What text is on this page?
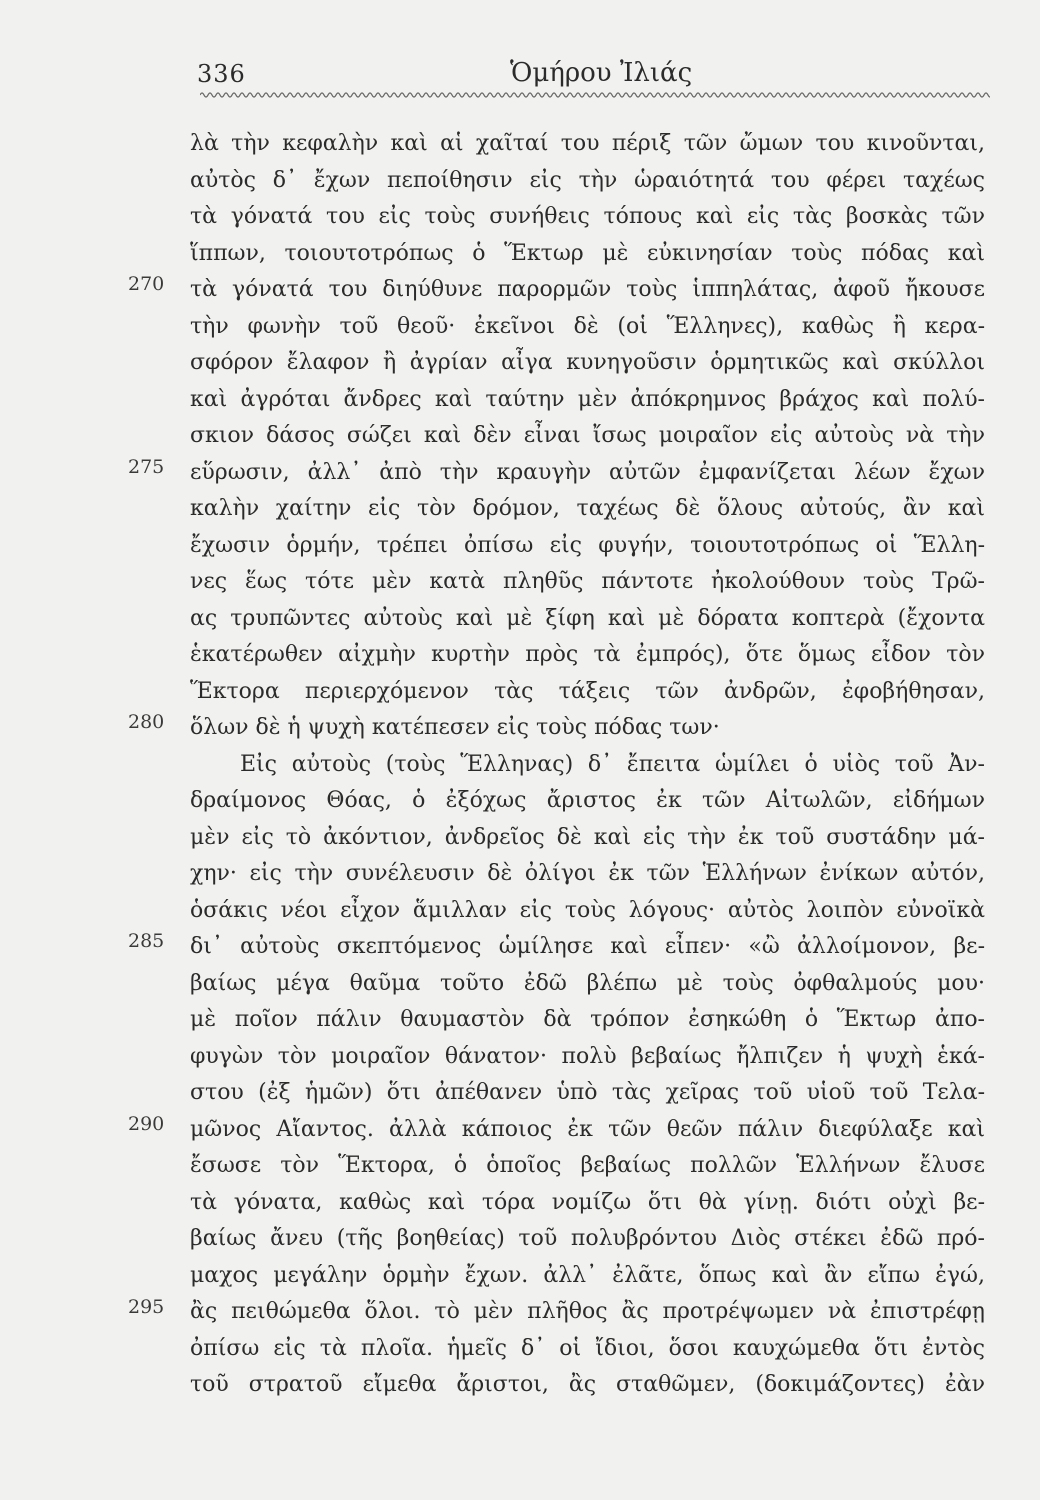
336	Ὁμήρου Ἰλιάς
270
275
280
285
290
295
λὰ τὴν κεφαλὴν καὶ αἱ χαῖταί του πέριξ τῶν ὤμων του κινοῦνται,
αὐτὸς δ᾽ ἔχων πεποίθησιν εἰς τὴν ὡραιότητά του φέρει ταχέως
τὰ γόνατά του εἰς τοὺς συνήθεις τόπους καὶ εἰς τὰς βοσκὰς τῶν
ἵππων, τοιουτοτρόπως ὁ Ἕκτωρ μὲ εὐκινησίαν τοὺς πόδας καὶ
τὰ γόνατά του διηύθυνε παρορμῶν τοὺς ἱππηλάτας, ἀφοῦ ἤκουσε
τὴν φωνὴν τοῦ θεοῦ· ἐκεῖνοι δὲ (οἱ Ἕλληνες), καθὼς ἢ κερα-
σφόρον ἔλαφον ἢ ἀγρίαν αἶγα κυνηγοῦσιν ὁρμητικῶς καὶ σκύλλοι
καὶ ἀγρόται ἄνδρες καὶ ταύτην μὲν ἀπόκρημνος βράχος καὶ πολύ-
σκιον δάσος σώζει καὶ δὲν εἶναι ἴσως μοιραῖον εἰς αὐτοὺς νὰ τὴν
εὕρωσιν, ἀλλ᾽ ἀπὸ τὴν κραυγὴν αὐτῶν ἐμφανίζεται λέων ἔχων
καλὴν χαίτην εἰς τὸν δρόμον, ταχέως δὲ ὅλους αὐτούς, ἂν καὶ
ἔχωσιν ὁρμήν, τρέπει ὀπίσω εἰς φυγήν, τοιουτοτρόπως οἱ Ἕλλη-
νες ἕως τότε μὲν κατὰ πληθῦς πάντοτε ἠκολούθουν τοὺς Τρῶ-
ας τρυπῶντες αὐτοὺς καὶ μὲ ξίφη καὶ μὲ δόρατα κοπτερὰ (ἔχοντα
ἑκατέρωθεν αἰχμὴν κυρτὴν πρὸς τὰ ἐμπρός), ὅτε ὅμως εἶδον τὸν
Ἕκτορα περιερχόμενον τὰς τάξεις τῶν ἀνδρῶν, ἐφοβήθησαν,
ὅλων δὲ ἡ ψυχὴ κατέπεσεν εἰς τοὺς πόδας των·
Εἰς αὐτοὺς (τοὺς Ἕλληνας) δ᾽ ἔπειτα ὡμίλει ὁ υἱὸς τοῦ Ἀν-
δραίμονος Θόας, ὁ ἐξόχως ἄριστος ἐκ τῶν Αἰτωλῶν, εἰδήμων
μὲν εἰς τὸ ἀκόντιον, ἀνδρεῖος δὲ καὶ εἰς τὴν ἐκ τοῦ συστάδην μά-
χην· εἰς τὴν συνέλευσιν δὲ ὀλίγοι ἐκ τῶν Ἑλλήνων ἐνίκων αὐτόν,
ὁσάκις νέοι εἶχον ἅμιλλαν εἰς τοὺς λόγους· αὐτὸς λοιπὸν εὐνοϊκὰ
δι᾽ αὐτοὺς σκεπτόμενος ὡμίλησε καὶ εἶπεν· «ὢ ἀλλοίμονον, βε-
βαίως μέγα θαῦμα τοῦτο ἐδῶ βλέπω μὲ τοὺς ὀφθαλμούς μου·
μὲ ποῖον πάλιν θαυμαστὸν δὰ τρόπον ἐσηκώθη ὁ Ἕκτωρ ἀπο-
φυγὼν τὸν μοιραῖον θάνατον· πολὺ βεβαίως ἤλπιζεν ἡ ψυχὴ ἑκά-
στου (ἐξ ἡμῶν) ὅτι ἀπέθανεν ὑπὸ τὰς χεῖρας τοῦ υἱοῦ τοῦ Τελα-
μῶνος Αἴαντος. ἀλλὰ κάποιος ἐκ τῶν θεῶν πάλιν διεφύλαξε καὶ
ἔσωσε τὸν Ἕκτορα, ὁ ὁποῖος βεβαίως πολλῶν Ἑλλήνων ἔλυσε
τὰ γόνατα, καθὼς καὶ τόρα νομίζω ὅτι θὰ γίνῃ. διότι οὐχὶ βε-
βαίως ἄνευ (τῆς βοηθείας) τοῦ πολυβρόντου Διὸς στέκει ἐδῶ πρό-
μαχος μεγάλην ὁρμὴν ἔχων. ἀλλ᾽ ἐλᾶτε, ὅπως καὶ ἂν εἴπω ἐγώ,
ἂς πειθώμεθα ὅλοι. τὸ μὲν πλῆθος ἂς προτρέψωμεν νὰ ἐπιστρέφῃ
ὀπίσω εἰς τὰ πλοῖα. ἡμεῖς δ᾽ οἱ ἴδιοι, ὅσοι καυχώμεθα ὅτι ἐντὸς
τοῦ στρατοῦ εἴμεθα ἄριστοι, ἂς σταθῶμεν, (δοκιμάζοντες) ἐὰν
